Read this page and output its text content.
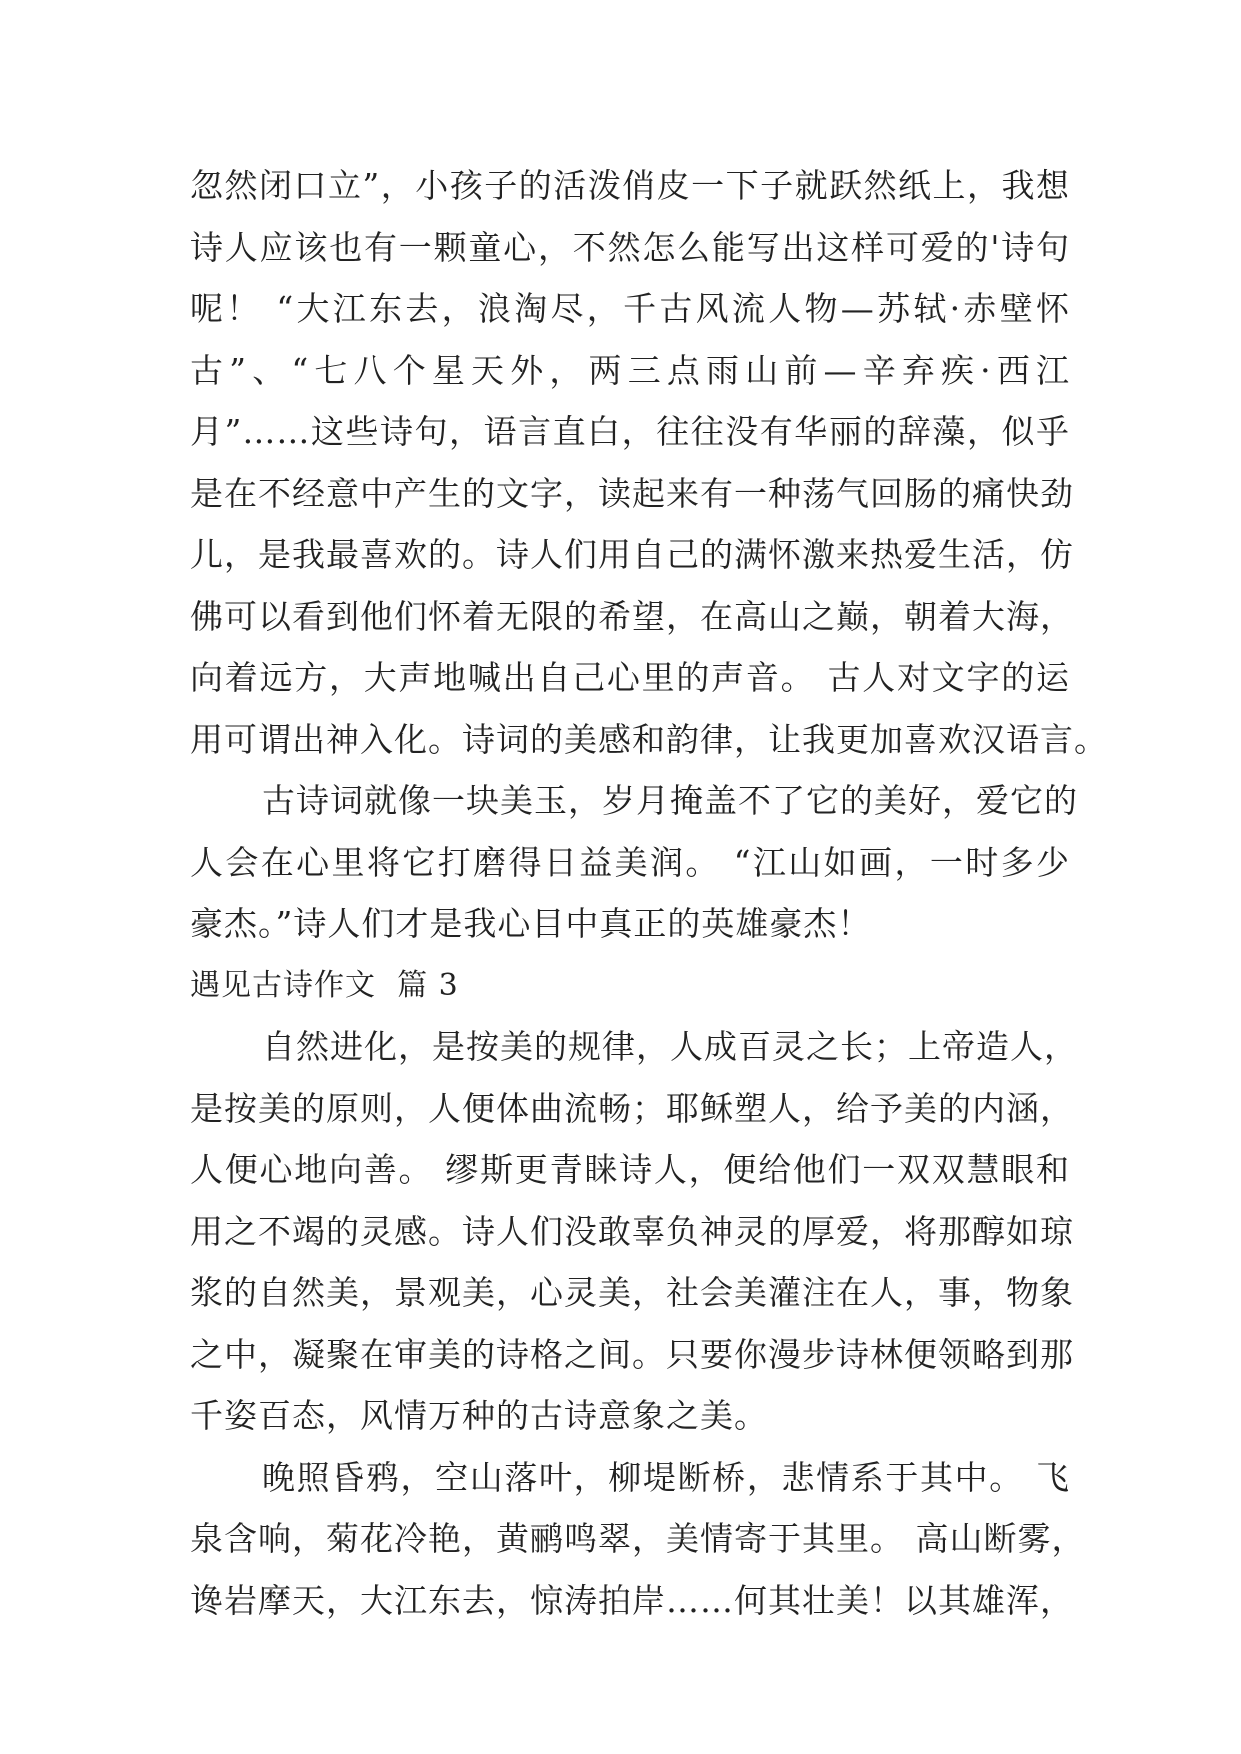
忽然闭口立”，小孩子的活泼俏皮一下子就跃然纸上，我想
诗人应该也有一颗童心，不然怎么能写出这样可爱的'诗句
呢！ “大江东去，浪淘尽，千古风流人物—苏轼·赤壁怀
古”、“七八个星天外，两三点雨山前—辛弃疾·西江
月”……这些诗句，语言直白，往往没有华丽的辞藻，似乎
是在不经意中产生的文字，读起来有一种荡气回肠的痛快劲
儿，是我最喜欢的。诗人们用自己的满怀激来热爱生活，仿
佛可以看到他们怀着无限的希望，在高山之巅，朝着大海，
向着远方，大声地喊出自己心里的声音。 古人对文字的运
用可谓出神入化。诗词的美感和韵律，让我更加喜欢汉语言。
古诗词就像一块美玉，岁月掩盖不了它的美好，爱它的
人会在心里将它打磨得日益美润。 “江山如画，一时多少
豪杰。”诗人们才是我心目中真正的英雄豪杰！
遇见古诗作文  篇 3
自然进化，是按美的规律，人成百灵之长；上帝造人，
是按美的原则，人便体曲流畅；耶稣塑人，给予美的内涵，
人便心地向善。 缪斯更青睐诗人，便给他们一双双慧眼和
用之不竭的灵感。诗人们没敢辜负神灵的厚爱，将那醇如琼
浆的自然美，景观美，心灵美，社会美灌注在人，事，物象
之中，凝聚在审美的诗格之间。只要你漫步诗林便领略到那
千姿百态，风情万种的古诗意象之美。
晚照昏鸦，空山落叶，柳堤断桥，悲情系于其中。 飞
泉含响，菊花冷艳，黄鹂鸣翠，美情寄于其里。 高山断雾，
谗岩摩天，大江东去，惊涛拍岸……何其壮美！以其雄浑，
